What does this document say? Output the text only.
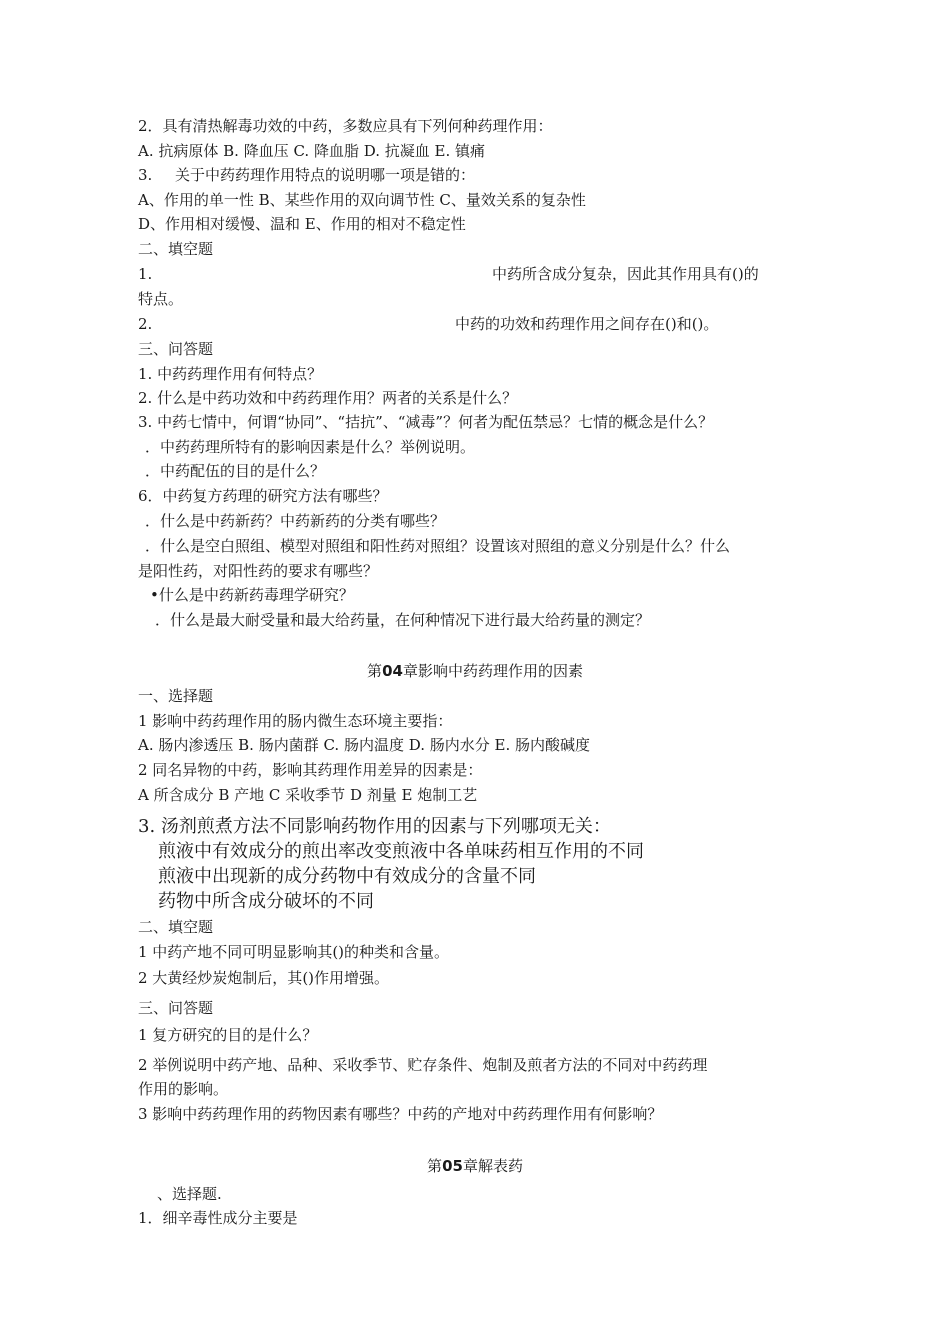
2．具有清热解毒功效的中药，多数应具有下列何种药理作用：
A. 抗病原体 B. 降血压 C. 降血脂 D. 抗凝血 E. 镇痛
3. 关于中药药理作用特点的说明哪一项是错的：
A、作用的单一性 B、某些作用的双向调节性 C、量效关系的复杂性
D、作用相对缓慢、温和 E、作用的相对不稳定性
二、填空题
1.	中药所含成分复杂，因此其作用具有()的
特点。
2.	中药的功效和药理作用之间存在()和()。
三、问答题
1. 中药药理作用有何特点？
2. 什么是中药功效和中药药理作用？两者的关系是什么？
3. 中药七情中，何谓“协同”、“拮抗”、“减毒”？何者为配伍禁忌？七情的概念是什么？
．中药药理所特有的影响因素是什么？举例说明。
．中药配伍的目的是什么？
6．中药复方药理的研究方法有哪些？
．什么是中药新药？中药新药的分类有哪些？
．什么是空白照组、模型对照组和阳性药对照组？设置该对照组的意义分别是什么？什么
是阳性药，对阳性药的要求有哪些？
•什么是中药新药毒理学研究？
．什么是最大耐受量和最大给药量，在何种情况下进行最大给药量的测定？
第04章影响中药药理作用的因素
一、选择题
1 影响中药药理作用的肠内微生态环境主要指：
A. 肠内渗透压 B. 肠内菌群 C. 肠内温度 D. 肠内水分 E. 肠内酸碱度
2 同名异物的中药，影响其药理作用差异的因素是：
A 所含成分 B 产地 C 采收季节 D 剂量 E 炮制工艺
3. 汤剂煎煮方法不同影响药物作用的因素与下列哪项无关：
煎液中有效成分的煎出率改变煎液中各单味药相互作用的不同
煎液中出现新的成分药物中有效成分的含量不同
药物中所含成分破坏的不同
二、填空题
1 中药产地不同可明显影响其()的种类和含量。
2 大黄经炒炭炮制后，其()作用增强。
三、问答题
1 复方研究的目的是什么？
2 举例说明中药产地、品种、采收季节、贮存条件、炮制及煎者方法的不同对中药药理
作用的影响。
3 影响中药药理作用的药物因素有哪些？中药的产地对中药药理作用有何影响？
第05章解表药
、选择题.
1．细辛毒性成分主要是
